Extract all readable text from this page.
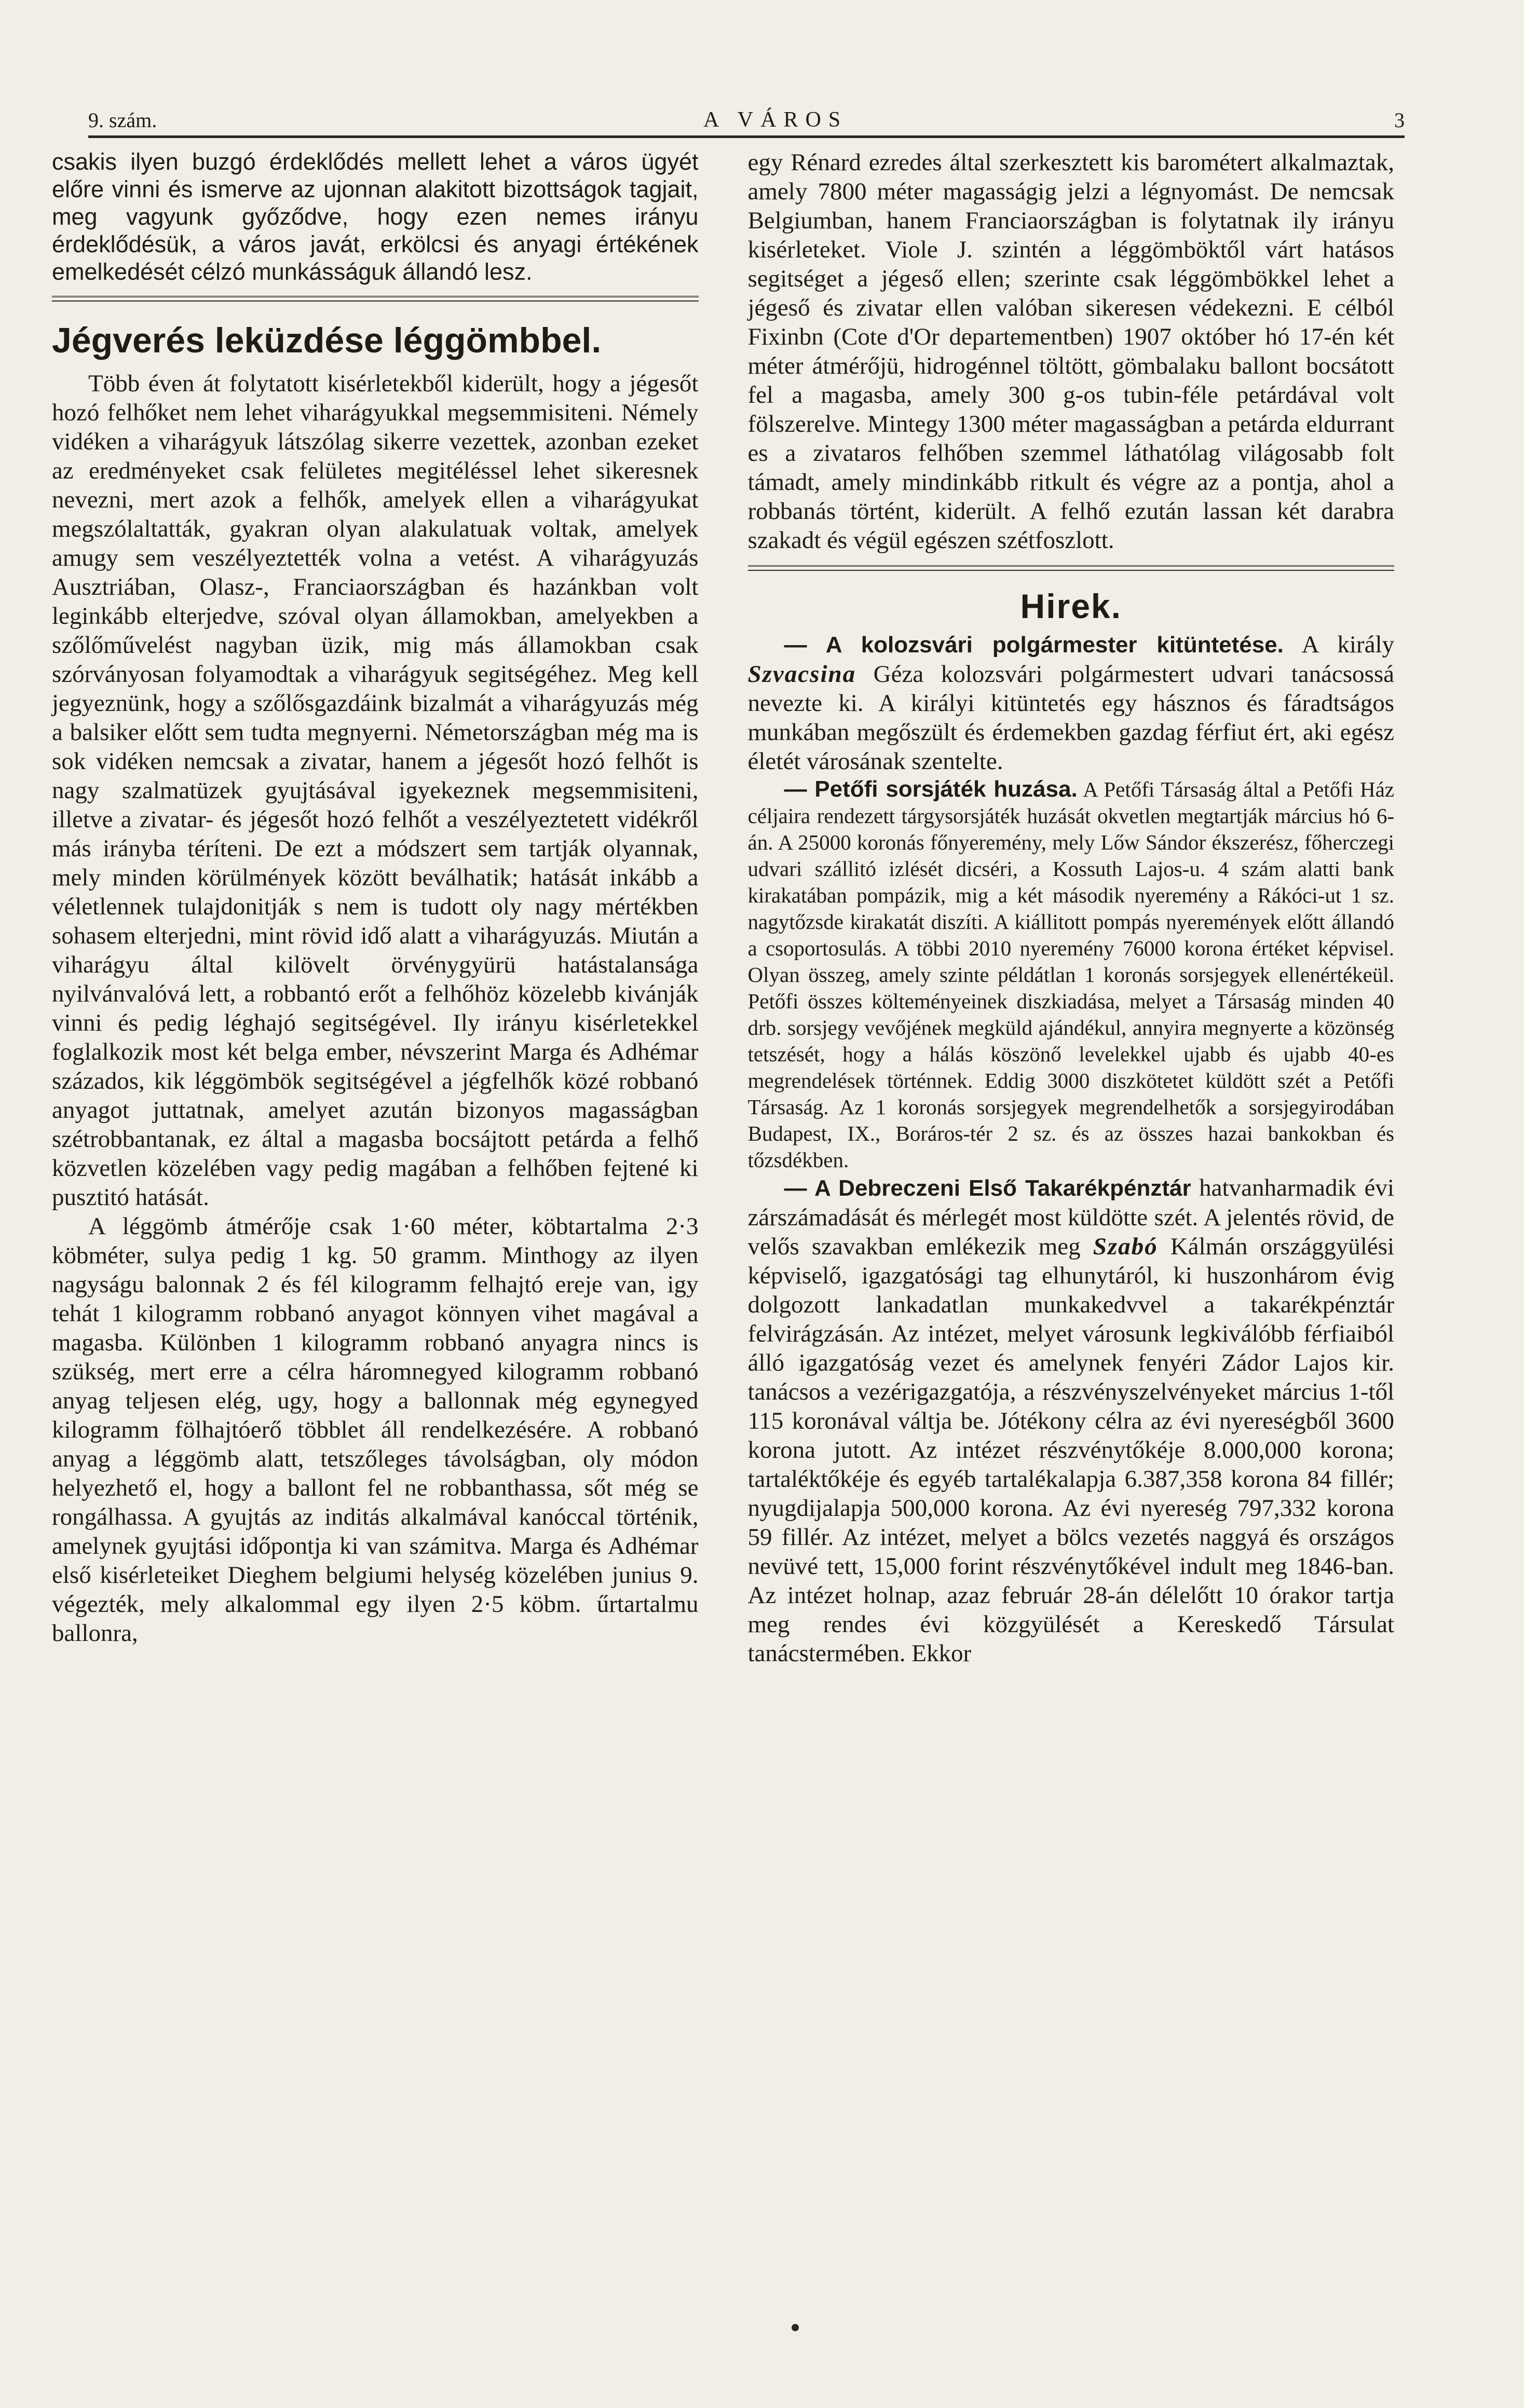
9. szám.	A VÁROS	3

csakis ilyen buzgó érdeklődés mellett lehet a város ügyét előre vinni és ismerve az ujonnan alakitott bizottságok tagjait, meg vagyunk győződve, hogy ezen nemes irányu érdeklődésük, a város javát, erkölcsi és anyagi értékének emelkedését célzó munkásságuk állandó lesz.

Jégverés leküzdése léggömbbel.

Több éven át folytatott kisérletekből kiderült, hogy a jégesőt hozó felhőket nem lehet viharágyukkal megsemmisiteni. Némely vidéken a viharágyuk látszólag sikerre vezettek, azonban ezeket az eredményeket csak felületes megitéléssel lehet sikeresnek nevezni, mert azok a felhők, amelyek ellen a viharágyukat megszólaltatták, gyakran olyan alakulatuak voltak, amelyek amugy sem veszélyeztették volna a vetést. A viharágyuzás Ausztriában, Olasz-, Franciaországban és hazánkban volt leginkább elterjedve, szóval olyan államokban, amelyekben a szőlőművelést nagyban üzik, mig más államokban csak szórványosan folyamodtak a viharágyuk segitségéhez. Meg kell jegyeznünk, hogy a szőlősgazdáink bizalmát a viharágyuzás még a balsiker előtt sem tudta megnyerni. Németországban még ma is sok vidéken nemcsak a zivatar, hanem a jégesőt hozó felhőt is nagy szalmatüzek gyujtásával igyekeznek megsemmisiteni, illetve a zivatar- és jégesőt hozó felhőt a veszélyeztetett vidékről más irányba téríteni. De ezt a módszert sem tartják olyannak, mely minden körülmények között beválhatik; hatását inkább a véletlennek tulajdonitják s nem is tudott oly nagy mértékben sohasem elterjedni, mint rövid idő alatt a viharágyuzás. Miután a viharágyu által kilövelt örvénygyürü hatástalansága nyilvánvalóvá lett, a robbantó erőt a felhőhöz közelebb kivánják vinni és pedig léghajó segitségével. Ily irányu kisérletekkel foglalkozik most két belga ember, névszerint Marga és Adhémar százados, kik léggömbök segitségével a jégfelhők közé robbanó anyagot juttatnak, amelyet azután bizonyos magasságban szétrobbantanak, ez által a magasba bocsájtott petárda a felhő közvetlen közelében vagy pedig magában a felhőben fejtené ki pusztitó hatását.

A léggömb átmérője csak 1·60 méter, köbtartalma 2·3 köbméter, sulya pedig 1 kg. 50 gramm. Minthogy az ilyen nagyságu balonnak 2 és fél kilogramm felhajtó ereje van, igy tehát 1 kilogramm robbanó anyagot könnyen vihet magával a magasba. Különben 1 kilogramm robbanó anyagra nincs is szükség, mert erre a célra háromnegyed kilogramm robbanó anyag teljesen elég, ugy, hogy a ballonnak még egynegyed kilogramm fölhajtóerő többlet áll rendelkezésére. A robbanó anyag a léggömb alatt, tetszőleges távolságban, oly módon helyezhető el, hogy a ballont fel ne robbanthassa, sőt még se rongálhassa. A gyujtás az inditás alkalmával kanóccal történik, amelynek gyujtási időpontja ki van számitva. Marga és Adhémar első kisérleteiket Dieghem belgiumi helység közelében junius 9. végezték, mely alkalommal egy ilyen 2·5 köbm. űrtartalmu ballonra,

egy Rénard ezredes által szerkesztett kis barométert alkalmaztak, amely 7800 méter magasságig jelzi a légnyomást. De nemcsak Belgiumban, hanem Franciaországban is folytatnak ily irányu kisérleteket. Viole J. szintén a léggömböktől várt hatásos segitséget a jégeső ellen; szerinte csak léggömbökkel lehet a jégeső és zivatar ellen valóban sikeresen védekezni. E célból Fixinbn (Cote d'Or departementben) 1907 október hó 17-én két méter átmérőjü, hidrogénnel töltött, gömbalaku ballont bocsátott fel a magasba, amely 300 g-os tubin-féle petárdával volt fölszerelve. Mintegy 1300 méter magasságban a petárda eldurrant es a zivataros felhőben szemmel láthatólag világosabb folt támadt, amely mindinkább ritkult és végre az a pontja, ahol a robbanás történt, kiderült. A felhő ezután lassan két darabra szakadt és végül egészen szétfoszlott.

Hirek.

— A kolozsvári polgármester kitüntetése. A király Szvacsina Géza kolozsvári polgármestert udvari tanácsossá nevezte ki. A királyi kitüntetés egy hásznos és fáradtságos munkában megőszült és érdemekben gazdag férfiut ért, aki egész életét városának szentelte.

— Petőfi sorsjáték huzása. A Petőfi Társaság által a Petőfi Ház céljaira rendezett tárgysorsjáték huzását okvetlen megtartják március hó 6-án. A 25000 koronás főnyeremény, mely Lőw Sándor ékszerész, főherczegi udvari szállitó izlését dicséri, a Kossuth Lajos-u. 4 szám alatti bank kirakatában pompázik, mig a két második nyeremény a Rákóci-ut 1 sz. nagytőzsde kirakatát diszíti. A kiállitott pompás nyeremények előtt állandó a csoportosulás. A többi 2010 nyeremény 76000 korona értéket képvisel. Olyan összeg, amely szinte példátlan 1 koronás sorsjegyek ellenértékeül. Petőfi összes költeményeinek diszkiadása, melyet a Társaság minden 40 drb. sorsjegy vevőjének megküld ajándékul, annyira megnyerte a közönség tetszését, hogy a hálás köszönő levelekkel ujabb és ujabb 40-es megrendelések történnek. Eddig 3000 diszkötetet küldött szét a Petőfi Társaság. Az 1 koronás sorsjegyek megrendelhetők a sorsjegyirodában Budapest, IX., Boráros-tér 2 sz. és az összes hazai bankokban és tőzsdékben.

— A Debreczeni Első Takarékpénztár hatvanharmadik évi zárszámadását és mérlegét most küldötte szét. A jelentés rövid, de velős szavakban emlékezik meg Szabó Kálmán országgyülési képviselő, igazgatósági tag elhunytáról, ki huszonhárom évig dolgozott lankadatlan munkakedvvel a takarékpénztár felvirágzásán. Az intézet, melyet városunk legkiválóbb férfiaiból álló igazgatóság vezet és amelynek fenyéri Zádor Lajos kir. tanácsos a vezérigazgatója, a részvényszelvényeket március 1-től 115 koronával váltja be. Jótékony célra az évi nyereségből 3600 korona jutott. Az intézet részvénytőkéje 8.000,000 korona; tartaléktőkéje és egyéb tartalékalapja 6.387,358 korona 84 fillér; nyugdijalapja 500,000 korona. Az évi nyereség 797,332 korona 59 fillér. Az intézet, melyet a bölcs vezetés naggyá és országos nevüvé tett, 15,000 forint részvénytőkével indult meg 1846-ban. Az intézet holnap, azaz február 28-án délelőtt 10 órakor tartja meg rendes évi közgyülését a Kereskedő Társulat tanácstermében. Ekkor
